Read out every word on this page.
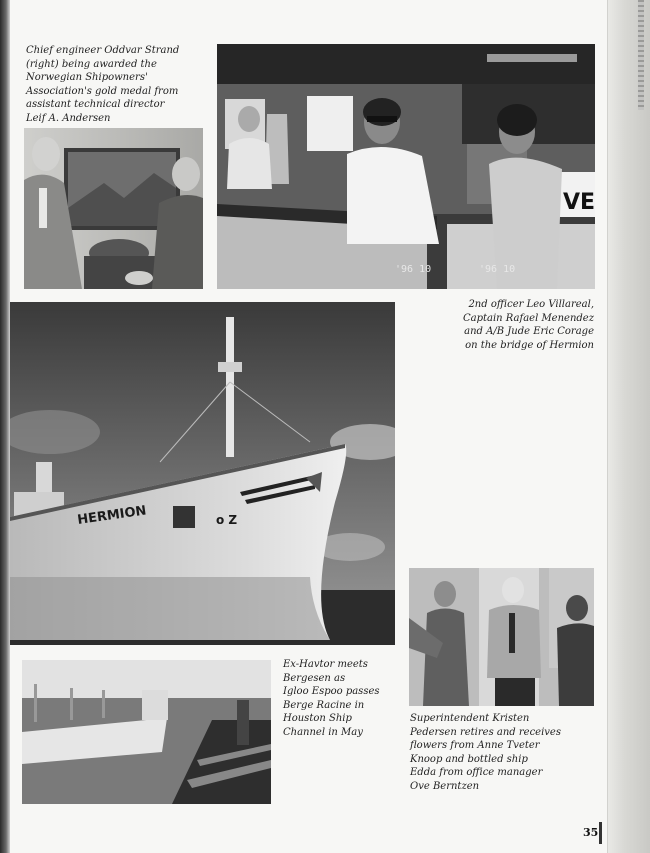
Chief engineer Oddvar Strand
(right) being awarded the
Norwegian Shipowners'
Association's gold medal from
assistant technical director
Leif A. Andersen
VE
'96 10	'96 10
2nd officer Leo Villareal,
Captain Rafael Menendez
and A/B Jude Eric Corage
on the bridge of Hermion
HERMION	o Z
Ex-Havtor meets
Bergesen as
Igloo Espoo passes
Berge Racine in
Houston Ship
Channel in May
Superintendent Kristen
Pedersen retires and receives
flowers from Anne Tveter
Knoop and bottled ship
Edda from office manager
Ove Berntzen
35
